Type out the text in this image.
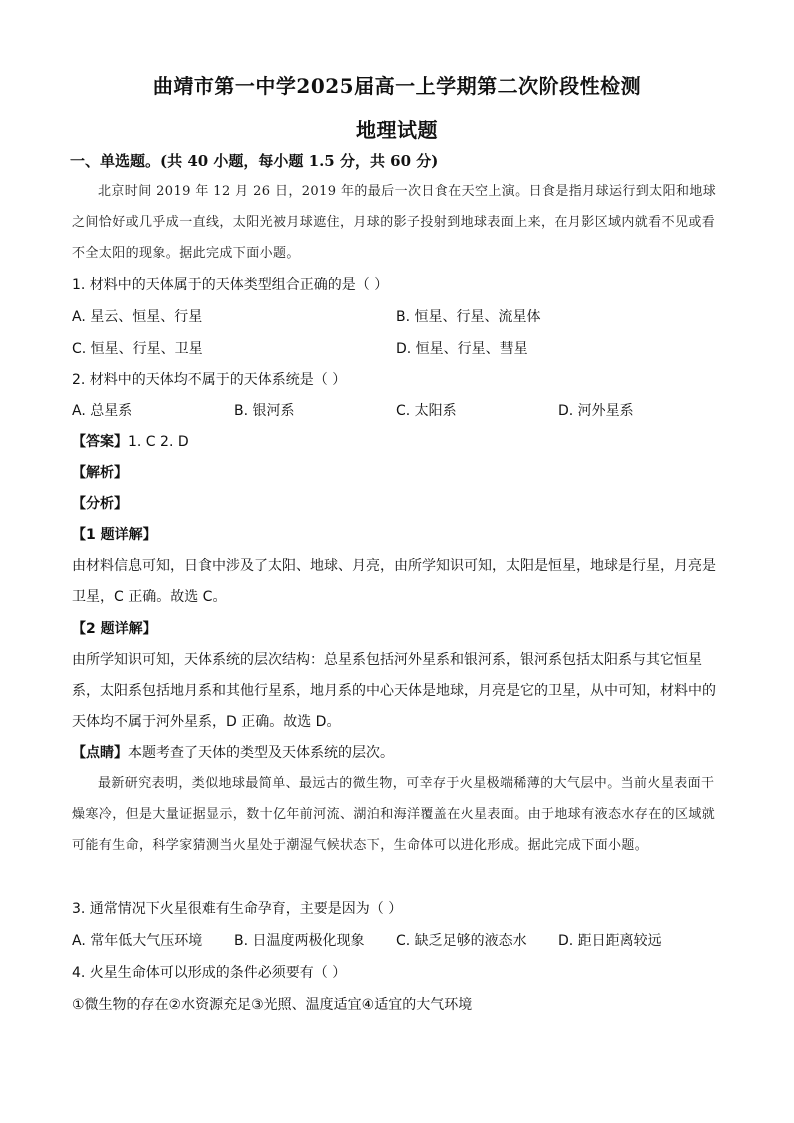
曲靖市第一中学2025届高一上学期第二次阶段性检测
地理试题
一、单选题。(共 40 小题，每小题 1.5 分，共 60 分)
北京时间 2019 年 12 月 26 日，2019 年的最后一次日食在天空上演。日食是指月球运行到太阳和地球之间恰好或几乎成一直线，太阳光被月球遮住，月球的影子投射到地球表面上来，在月影区域内就看不见或看不全太阳的现象。据此完成下面小题。
1. 材料中的天体属于的天体类型组合正确的是（ ）
A. 星云、恒星、行星	B. 恒星、行星、流星体
C. 恒星、行星、卫星	D. 恒星、行星、彗星
2. 材料中的天体均不属于的天体系统是（ ）
A. 总星系	B. 银河系	C. 太阳系	D. 河外星系
【答案】1. C 2. D
【解析】
【分析】
【1 题详解】
由材料信息可知，日食中涉及了太阳、地球、月亮，由所学知识可知，太阳是恒星，地球是行星，月亮是卫星，C 正确。故选 C。
【2 题详解】
由所学知识可知，天体系统的层次结构：总星系包括河外星系和银河系，银河系包括太阳系与其它恒星系，太阳系包括地月系和其他行星系，地月系的中心天体是地球，月亮是它的卫星，从中可知，材料中的天体均不属于河外星系，D 正确。故选 D。
【点睛】本题考查了天体的类型及天体系统的层次。
最新研究表明，类似地球最简单、最远古的微生物，可幸存于火星极端稀薄的大气层中。当前火星表面干燥寒冷，但是大量证据显示，数十亿年前河流、湖泊和海洋覆盖在火星表面。由于地球有液态水存在的区域就可能有生命，科学家猜测当火星处于潮湿气候状态下，生命体可以进化形成。据此完成下面小题。
3. 通常情况下火星很难有生命孕育，主要是因为（ ）
A. 常年低大气压环境 B. 日温度两极化现象 C. 缺乏足够的液态水 D. 距日距离较远
4. 火星生命体可以形成的条件必须要有（ ）
①微生物的存在②水资源充足③光照、温度适宜④适宜的大气环境
